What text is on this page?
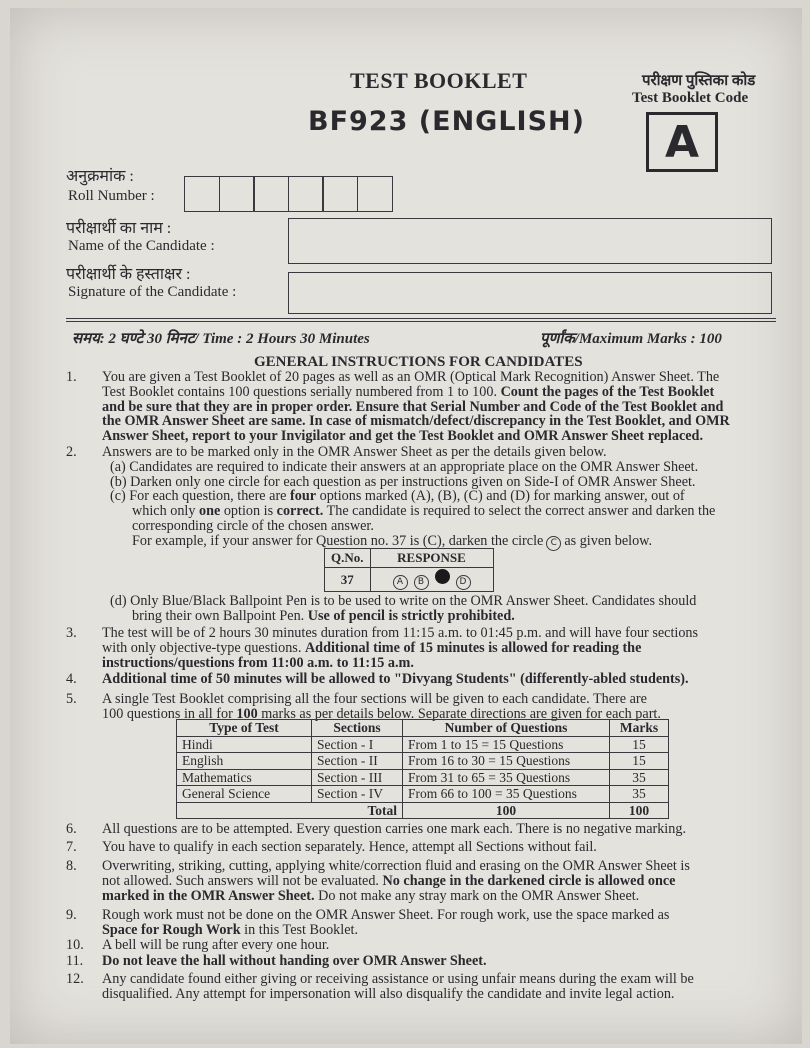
TEST BOOKLET
BF923 (ENGLISH)
परीक्षण पुस्तिका कोड
Test Booklet Code
A
अनुक्रमांक :
Roll Number :
परीक्षार्थी का नाम :
Name of the Candidate :
परीक्षार्थी के हस्ताक्षर :
Signature of the Candidate :
समय: 2 घण्टे 30 मिनट/ Time : 2 Hours 30 Minutes	पूर्णांक/Maximum Marks : 100
GENERAL INSTRUCTIONS FOR CANDIDATES
1. You are given a Test Booklet of 20 pages as well as an OMR (Optical Mark Recognition) Answer Sheet. The
Test Booklet contains 100 questions serially numbered from 1 to 100. Count the pages of the Test Booklet
and be sure that they are in proper order. Ensure that Serial Number and Code of the Test Booklet and
the OMR Answer Sheet are same. In case of mismatch/defect/discrepancy in the Test Booklet, and OMR
Answer Sheet, report to your Invigilator and get the Test Booklet and OMR Answer Sheet replaced.
2. Answers are to be marked only in the OMR Answer Sheet as per the details given below.
(a) Candidates are required to indicate their answers at an appropriate place on the OMR Answer Sheet.
(b) Darken only one circle for each question as per instructions given on Side-I of OMR Answer Sheet.
(c) For each question, there are four options marked (A), (B), (C) and (D) for marking answer, out of
which only one option is correct. The candidate is required to select the correct answer and darken the
corresponding circle of the chosen answer.
For example, if your answer for Question no. 37 is (C), darken the circle C as given below.
Q.No.	RESPONSE
37	A B D
(d) Only Blue/Black Ballpoint Pen is to be used to write on the OMR Answer Sheet. Candidates should
bring their own Ballpoint Pen. Use of pencil is strictly prohibited.
3. The test will be of 2 hours 30 minutes duration from 11:15 a.m. to 01:45 p.m. and will have four sections
with only objective-type questions. Additional time of 15 minutes is allowed for reading the
instructions/questions from 11:00 a.m. to 11:15 a.m.
4. Additional time of 50 minutes will be allowed to "Divyang Students" (differently-abled students).
5. A single Test Booklet comprising all the four sections will be given to each candidate. There are
100 questions in all for 100 marks as per details below. Separate directions are given for each part.
Type of Test	Sections	Number of Questions	Marks
Hindi	Section - I	From 1 to 15 = 15 Questions	15
English	Section - II	From 16 to 30 = 15 Questions	15
Mathematics	Section - III	From 31 to 65 = 35 Questions	35
General Science	Section - IV	From 66 to 100 = 35 Questions	35
Total		100	100
6. All questions are to be attempted. Every question carries one mark each. There is no negative marking.
7. You have to qualify in each section separately. Hence, attempt all Sections without fail.
8. Overwriting, striking, cutting, applying white/correction fluid and erasing on the OMR Answer Sheet is
not allowed. Such answers will not be evaluated. No change in the darkened circle is allowed once
marked in the OMR Answer Sheet. Do not make any stray mark on the OMR Answer Sheet.
9. Rough work must not be done on the OMR Answer Sheet. For rough work, use the space marked as
Space for Rough Work in this Test Booklet.
10. A bell will be rung after every one hour.
11. Do not leave the hall without handing over OMR Answer Sheet.
12. Any candidate found either giving or receiving assistance or using unfair means during the exam will be
disqualified. Any attempt for impersonation will also disqualify the candidate and invite legal action.
